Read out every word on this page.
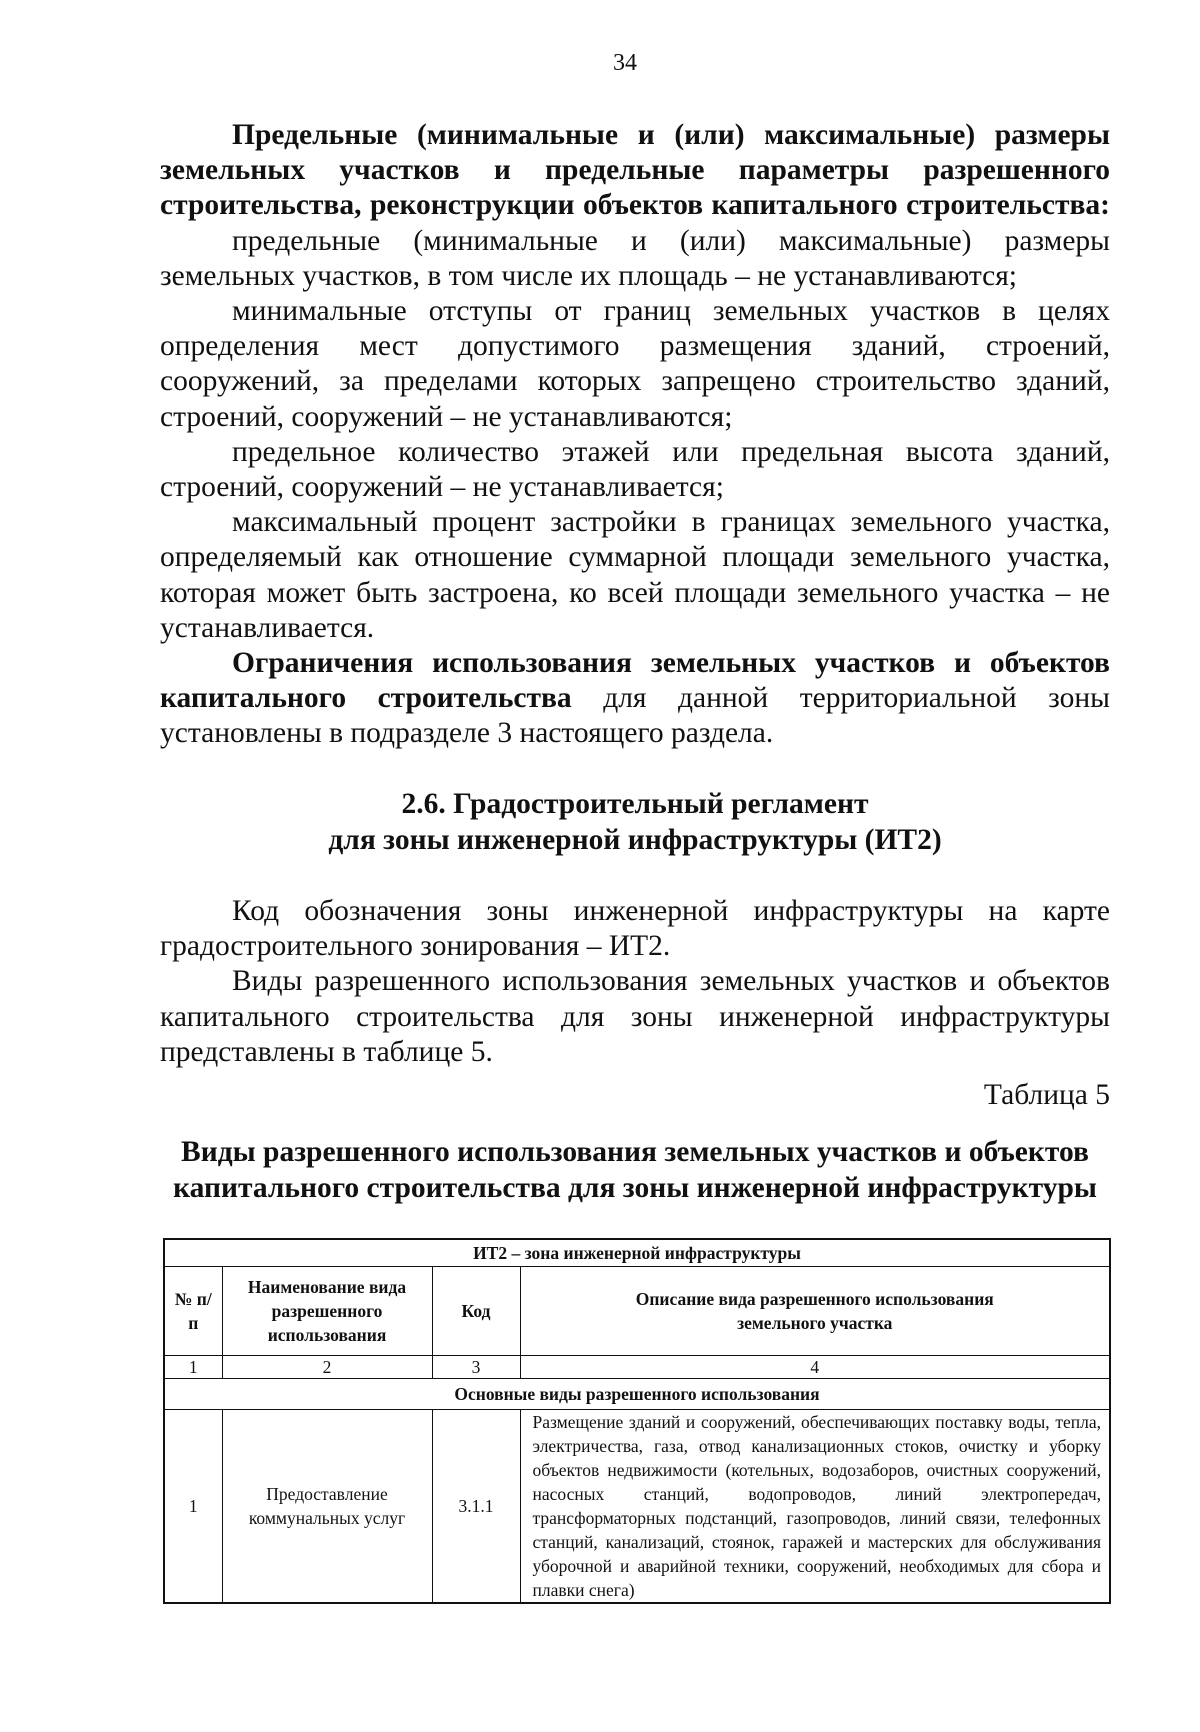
34

Предельные (минимальные и (или) максимальные) размеры земельных участков и предельные параметры разрешенного строительства, реконструкции объектов капитального строительства:

предельные (минимальные и (или) максимальные) размеры земельных участков, в том числе их площадь – не устанавливаются;

минимальные отступы от границ земельных участков в целях определения мест допустимого размещения зданий, строений, сооружений, за пределами которых запрещено строительство зданий, строений, сооружений – не устанавливаются;

предельное количество этажей или предельная высота зданий, строений, сооружений – не устанавливается;

максимальный процент застройки в границах земельного участка, определяемый как отношение суммарной площади земельного участка, которая может быть застроена, ко всей площади земельного участка – не устанавливается.

Ограничения использования земельных участков и объектов капитального строительства для данной территориальной зоны установлены в подразделе 3 настоящего раздела.

2.6. Градостроительный регламент
для зоны инженерной инфраструктуры (ИТ2)

Код обозначения зоны инженерной инфраструктуры на карте градостроительного зонирования – ИТ2.

Виды разрешенного использования земельных участков и объектов капитального строительства для зоны инженерной инфраструктуры представлены в таблице 5.

Таблица 5

Виды разрешенного использования земельных участков и объектов
капитального строительства для зоны инженерной инфраструктуры
ИТ2 – зона инженерной инфраструктуры			
№ п/п	Наименование вида разрешенного использования	Код	Описание вида разрешенного использования земельного участка
1	2	3	4
Основные виды разрешенного использования			
1	Предоставление коммунальных услуг	3.1.1	Размещение зданий и сооружений, обеспечивающих поставку воды, тепла, электричества, газа, отвод канализационных стоков, очистку и уборку объектов недвижимости (котельных, водозаборов, очистных сооружений, насосных станций, водопроводов, линий электропередач, трансформаторных подстанций, газопроводов, линий связи, телефонных станций, канализаций, стоянок, гаражей и мастерских для обслуживания уборочной и аварийной техники, сооружений, необходимых для сбора и плавки снега)
